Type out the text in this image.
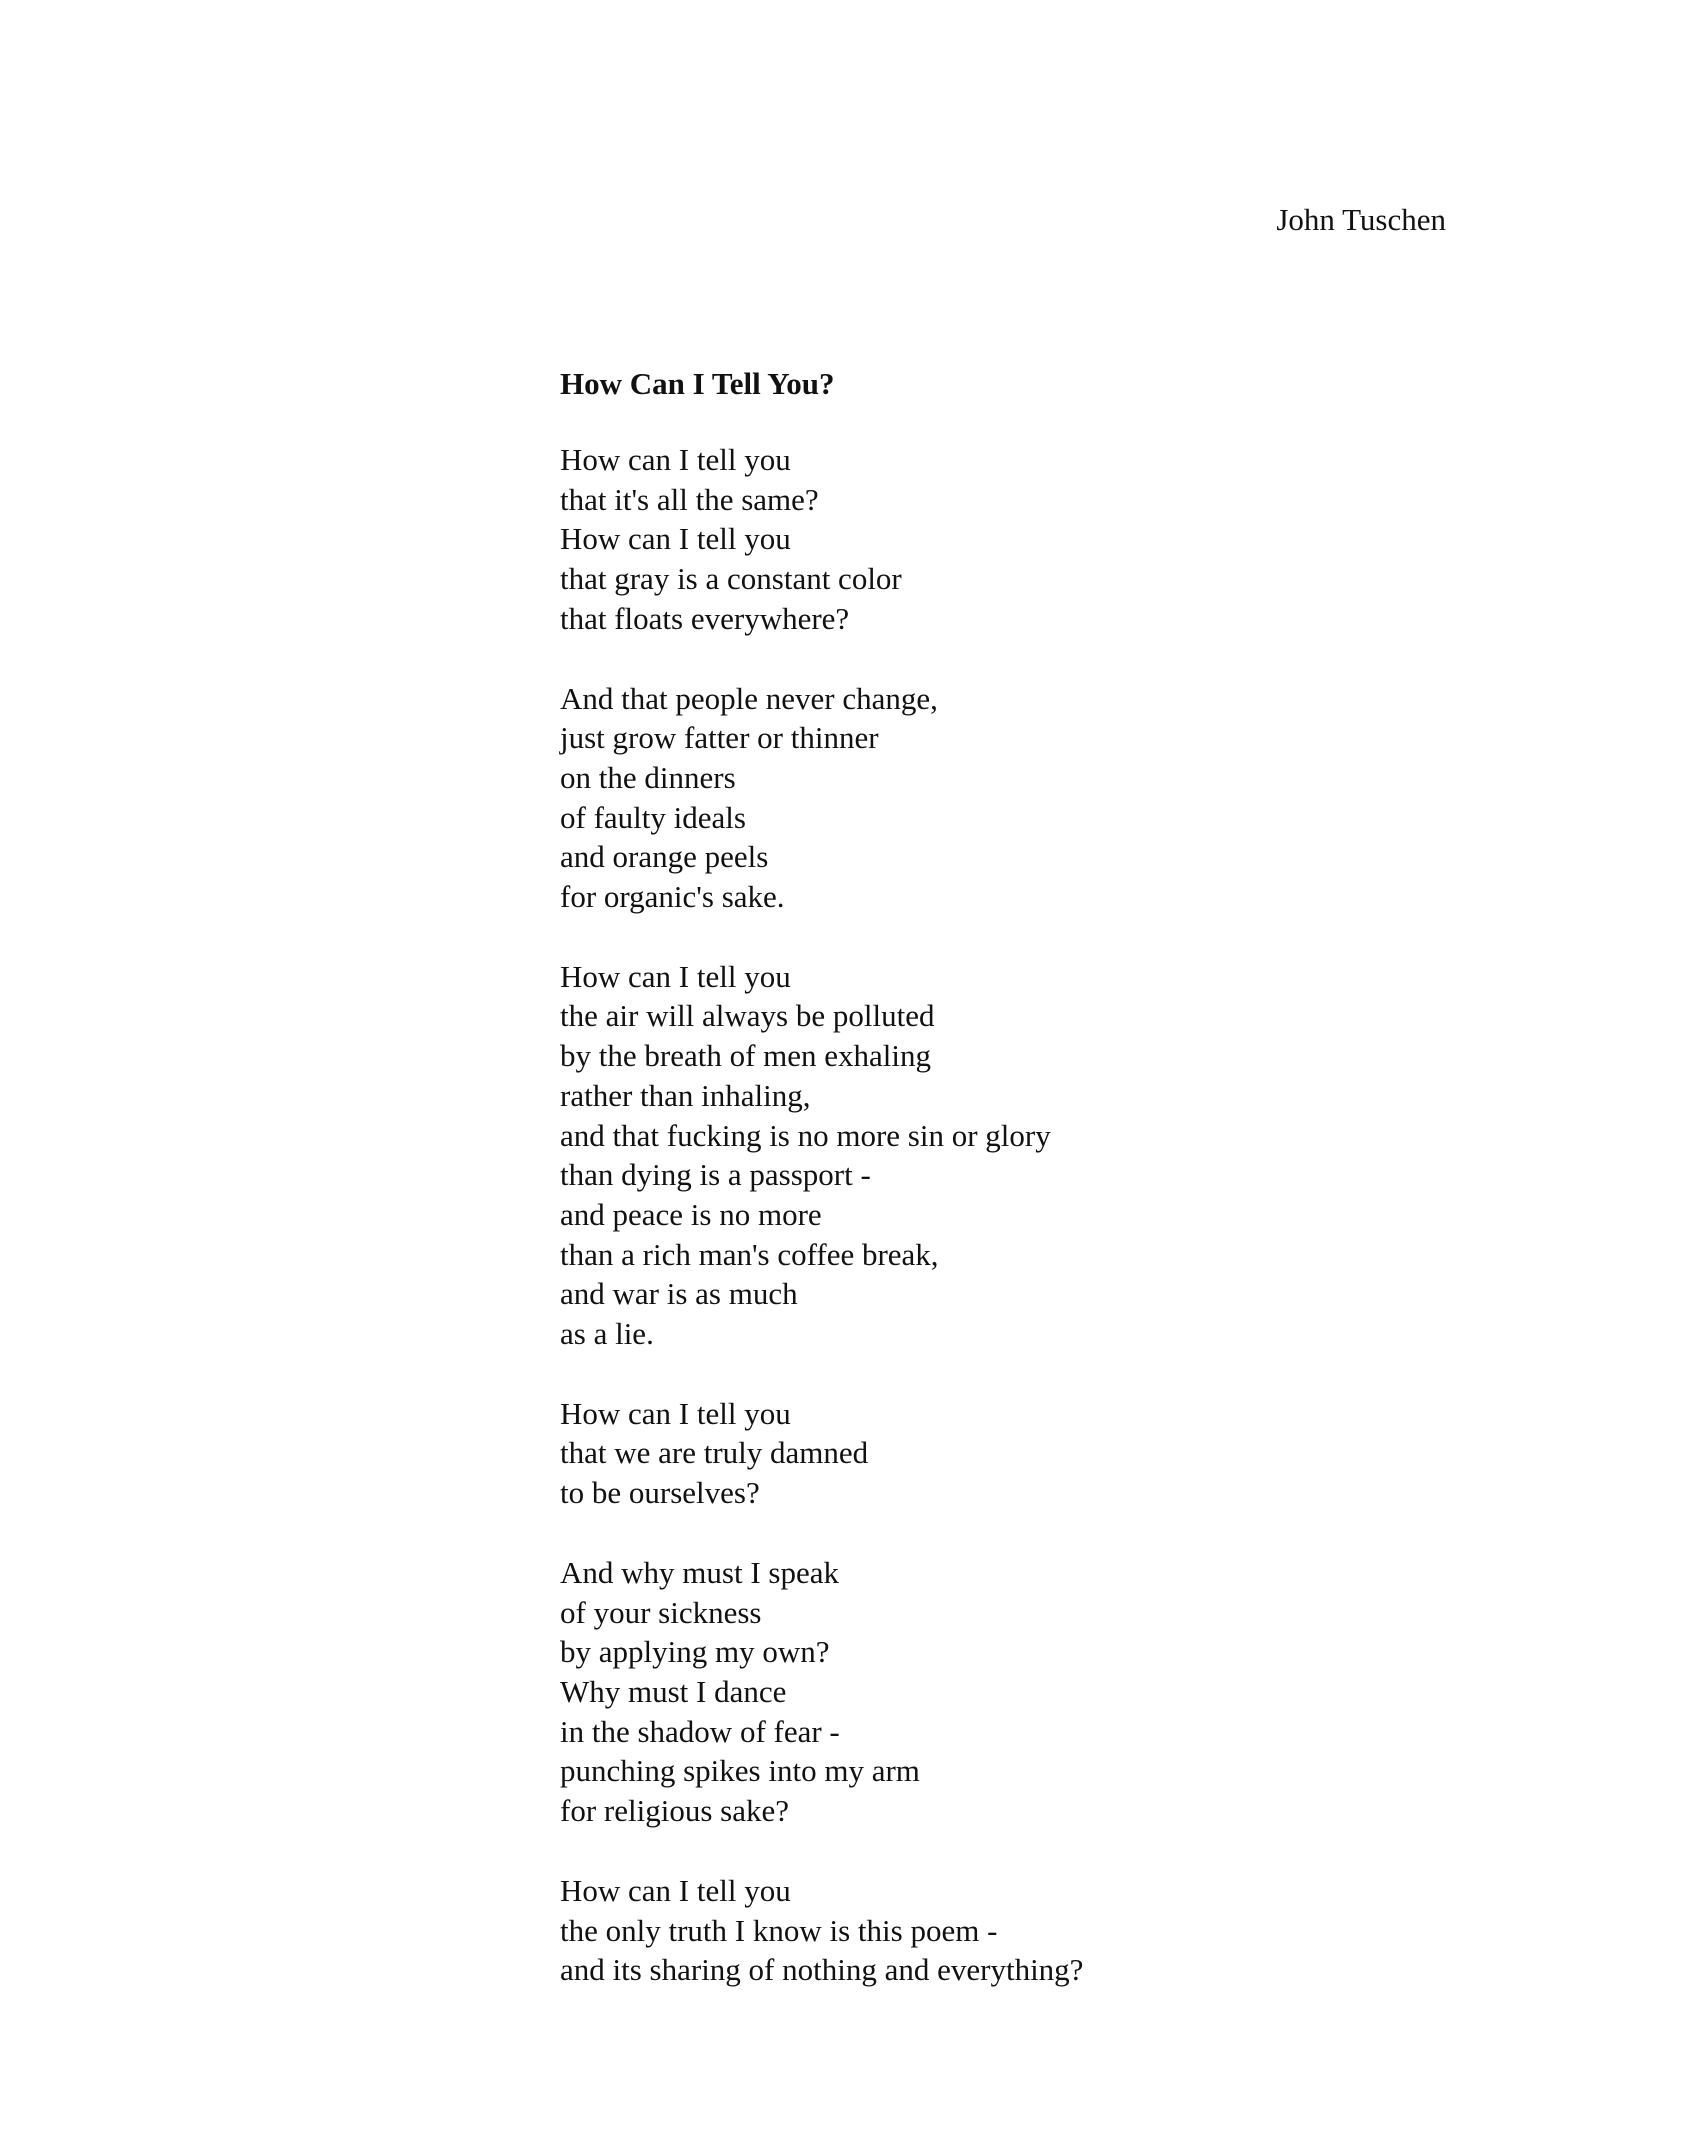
John Tuschen
How Can I Tell You?
How can I tell you
that it's all the same?
How can I tell you
that gray is a constant color
that floats everywhere?
And that people never change,
just grow fatter or thinner
on the dinners
of faulty ideals
and orange peels
for organic's sake.
How can I tell you
the air will always be polluted
by the breath of men exhaling
rather than inhaling,
and that fucking is no more sin or glory
than dying is a passport -
and peace is no more
than a rich man's coffee break,
and war is as much
as a lie.
How can I tell you
that we are truly damned
to be ourselves?
And why must I speak
of your sickness
by applying my own?
Why must I dance
in the shadow of fear -
punching spikes into my arm
for religious sake?
How can I tell you
the only truth I know is this poem -
and its sharing of nothing and everything?
